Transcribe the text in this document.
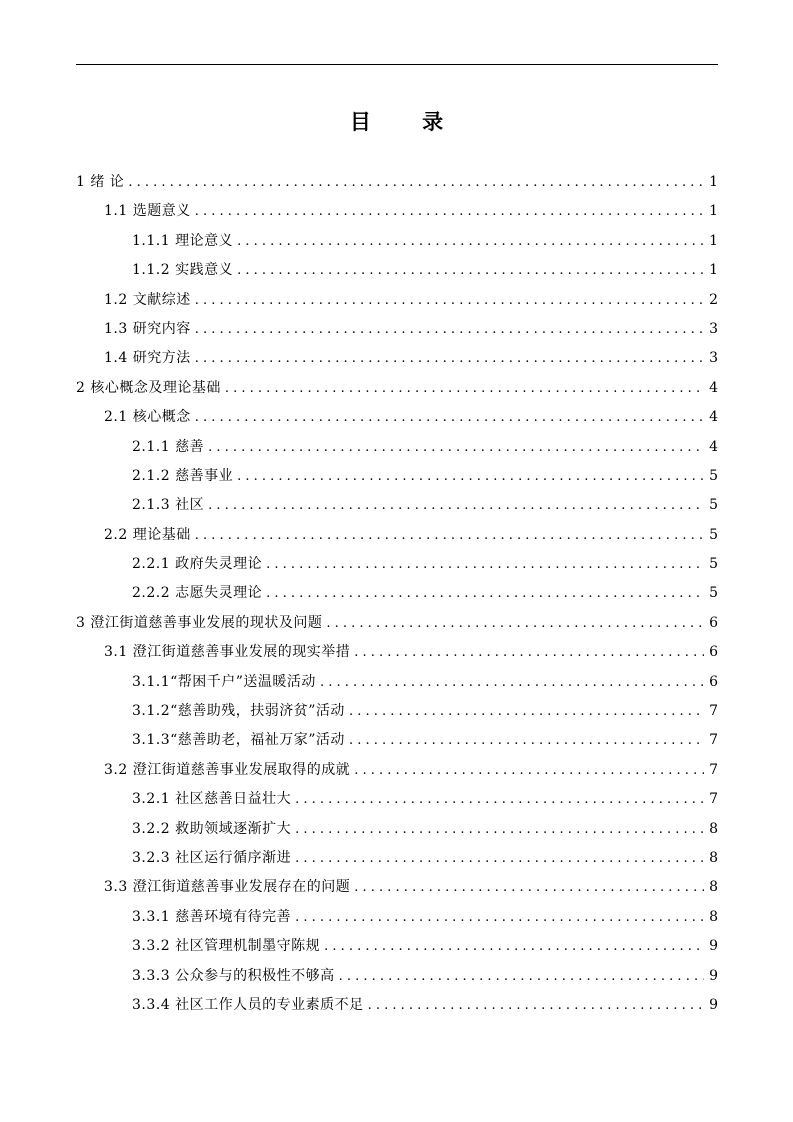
目 录
1 绪 论 . . .	1
1.1 选题意义 . . .	1
1.1.1 理论意义 . . .	1
1.1.2 实践意义 . . .	1
1.2 文献综述 . . .	2
1.3 研究内容 . . .	3
1.4 研究方法 . . .	3
2 核心概念及理论基础 . . .	4
2.1 核心概念 . . .	4
2.1.1 慈善 . . .	4
2.1.2 慈善事业 . . .	5
2.1.3 社区 . . .	5
2.2 理论基础 . . .	5
2.2.1 政府失灵理论 . . .	5
2.2.2 志愿失灵理论 . . .	5
3 澄江街道慈善事业发展的现状及问题 . . .	6
3.1 澄江街道慈善事业发展的现实举措 . . .	6
3.1.1“帮困千户”送温暖活动 . . .	6
3.1.2“慈善助残，扶弱济贫”活动 . . .	7
3.1.3“慈善助老，福祉万家”活动 . . .	7
3.2 澄江街道慈善事业发展取得的成就 . . .	7
3.2.1 社区慈善日益壮大 . . .	7
3.2.2 救助领域逐渐扩大 . . .	8
3.2.3 社区运行循序渐进 . . .	8
3.3 澄江街道慈善事业发展存在的问题 . . .	8
3.3.1 慈善环境有待完善 . . .	8
3.3.2 社区管理机制墨守陈规 . . .	9
3.3.3 公众参与的积极性不够高 . . .	9
3.3.4 社区工作人员的专业素质不足 . . .	9
